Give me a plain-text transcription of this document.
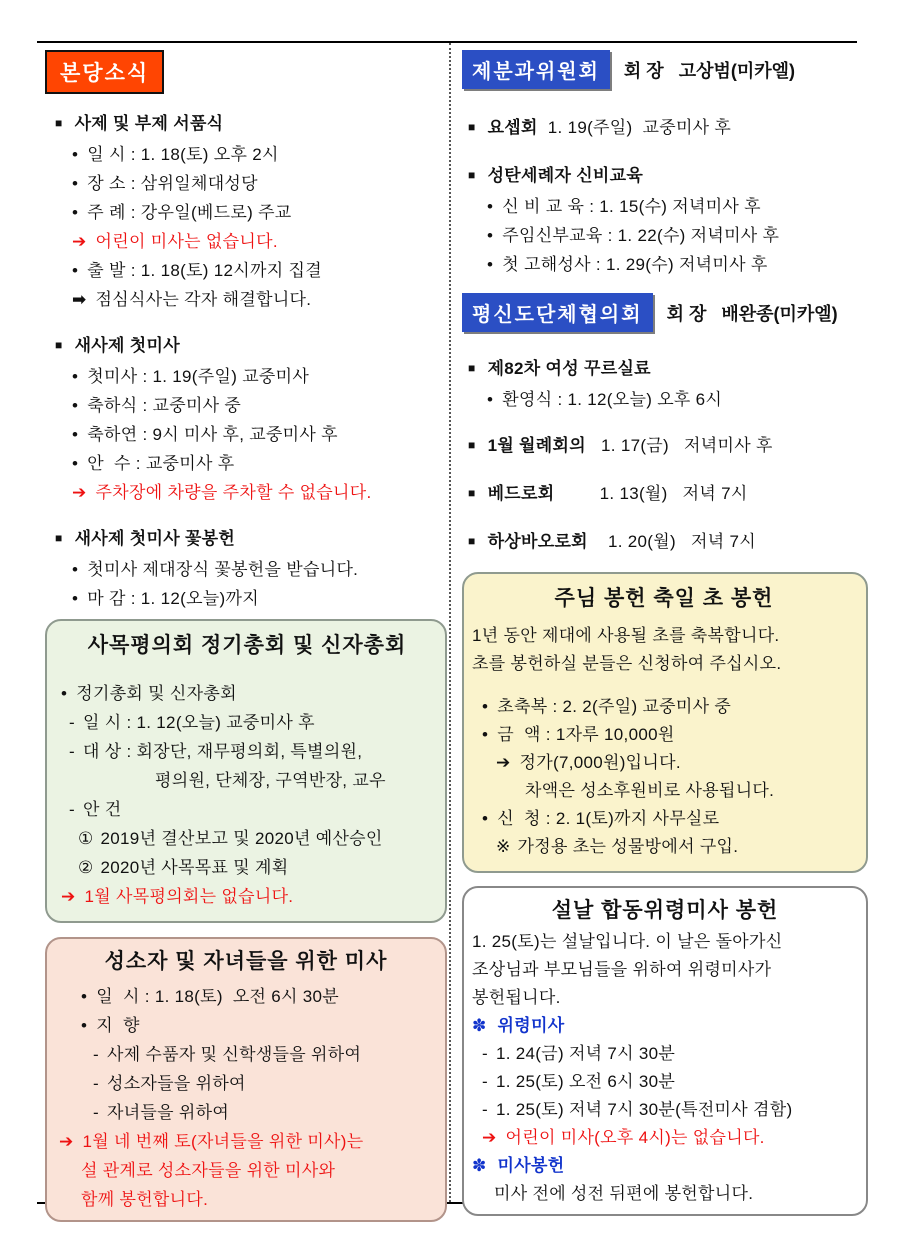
본당소식
■ 사제 및 부제 서품식
• 일 시 : 1. 18(토) 오후 2시
• 장 소 : 삼위일체대성당
• 주 례 : 강우일(베드로) 주교
➔ 어린이 미사는 없습니다.
• 출 발 : 1. 18(토) 12시까지 집결
➡ 점심식사는 각자 해결합니다.
■ 새사제 첫미사
• 첫미사 : 1. 19(주일) 교중미사
• 축하식 : 교중미사 중
• 축하연 : 9시 미사 후, 교중미사 후
• 안  수 : 교중미사 후
➔ 주차장에 차량을 주차할 수 없습니다.
■ 새사제 첫미사 꽃봉헌
• 첫미사 제대장식 꽃봉헌을 받습니다.
• 마 감 : 1. 12(오늘)까지
사목평의회 정기총회 및 신자총회
• 정기총회 및 신자총회
- 일 시 : 1. 12(오늘) 교중미사 후
- 대 상 : 회장단, 재무평의회, 특별의원,
평의원, 단체장, 구역반장, 교우
- 안 건
① 2019년 결산보고 및 2020년 예산승인
② 2020년 사목목표 및 계획
➔ 1월 사목평의회는 없습니다.
성소자 및 자녀들을 위한 미사
• 일  시 : 1. 18(토)  오전 6시 30분
• 지  향
- 사제 수품자 및 신학생들을 위하여
- 성소자들을 위하여
- 자녀들을 위하여
➔ 1월 네 번째 토(자녀들을 위한 미사)는
설 관계로 성소자들을 위한 미사와
함께 봉헌합니다.
제분과위원회	회 장   고상범(미카엘)
■ 요셉회  1. 19(주일)  교중미사 후
■ 성탄세례자 신비교육
• 신 비 교 육 : 1. 15(수) 저녁미사 후
• 주임신부교육 : 1. 22(수) 저녁미사 후
• 첫 고해성사 : 1. 29(수) 저녁미사 후
평신도단체협의회	회 장   배완종(미카엘)
■ 제82차 여성 꾸르실료
• 환영식 : 1. 12(오늘) 오후 6시
■ 1월 월례회의   1. 17(금)   저녁미사 후
■ 베드로회         1. 13(월)   저녁 7시
■ 하상바오로회    1. 20(월)   저녁 7시
주님 봉헌 축일 초 봉헌
1년 동안 제대에 사용될 초를 축복합니다.
초를 봉헌하실 분들은 신청하여 주십시오.
• 초축복 : 2. 2(주일) 교중미사 중
• 금  액 : 1자루 10,000원
➔ 정가(7,000원)입니다.
차액은 성소후원비로 사용됩니다.
• 신  청 : 2. 1(토)까지 사무실로
※ 가정용 초는 성물방에서 구입.
설날 합동위령미사 봉헌
1. 25(토)는 설날입니다. 이 날은 돌아가신
조상님과 부모님들을 위하여 위령미사가
봉헌됩니다.
✽ 위령미사
- 1. 24(금) 저녁 7시 30분
- 1. 25(토) 오전 6시 30분
- 1. 25(토) 저녁 7시 30분(특전미사 겸함)
➔ 어린이 미사(오후 4시)는 없습니다.
✽ 미사봉헌
미사 전에 성전 뒤편에 봉헌합니다.
